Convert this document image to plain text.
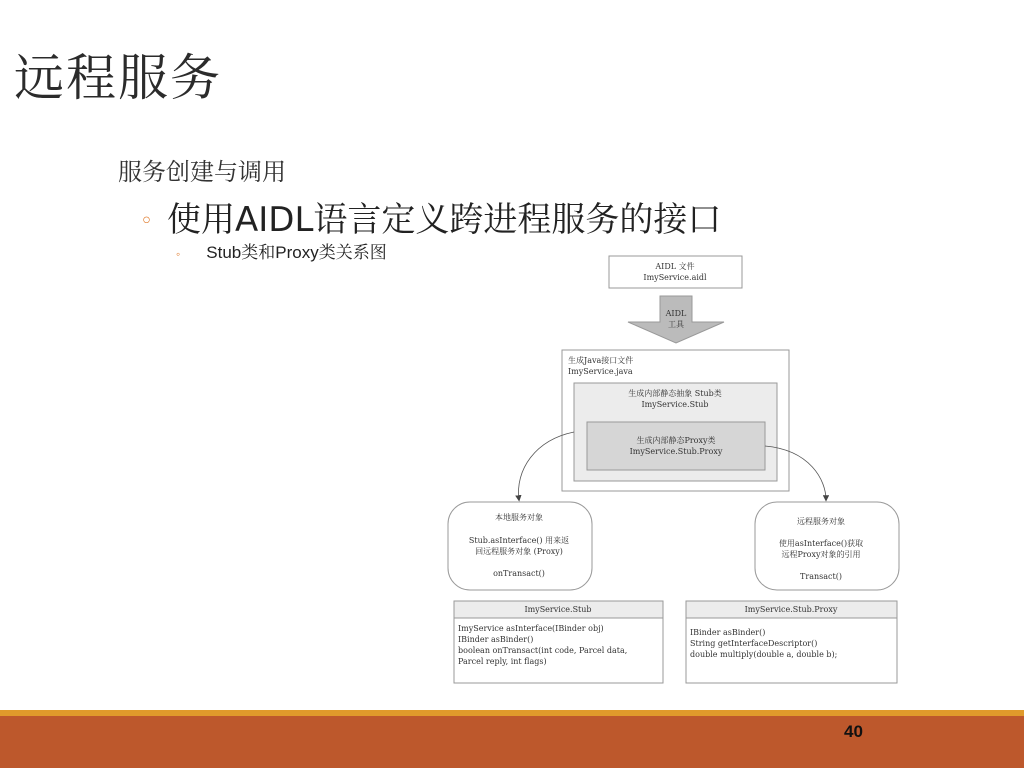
远程服务
服务创建与调用
◦ 使用AIDL语言定义跨进程服务的接口
◦ Stub类和Proxy类关系图
AIDL 文件
ImyService.aidl
AIDL
工具
生成Java接口文件
ImyService.java
生成内部静态抽象 Stub类
ImyService.Stub
生成内部静态Proxy类
ImyService.Stub.Proxy
本地服务对象
Stub.asInterface() 用来返
回远程服务对象 (Proxy)
onTransact()
远程服务对象
使用asInterface()获取
远程Proxy对象的引用
Transact()
ImyService.Stub
ImyService asInterface(IBinder obj)
IBinder asBinder()
boolean onTransact(int code, Parcel data,
Parcel reply, int flags)
ImyService.Stub.Proxy
IBinder asBinder()
String getInterfaceDescriptor()
double multiply(double a, double b);
40
